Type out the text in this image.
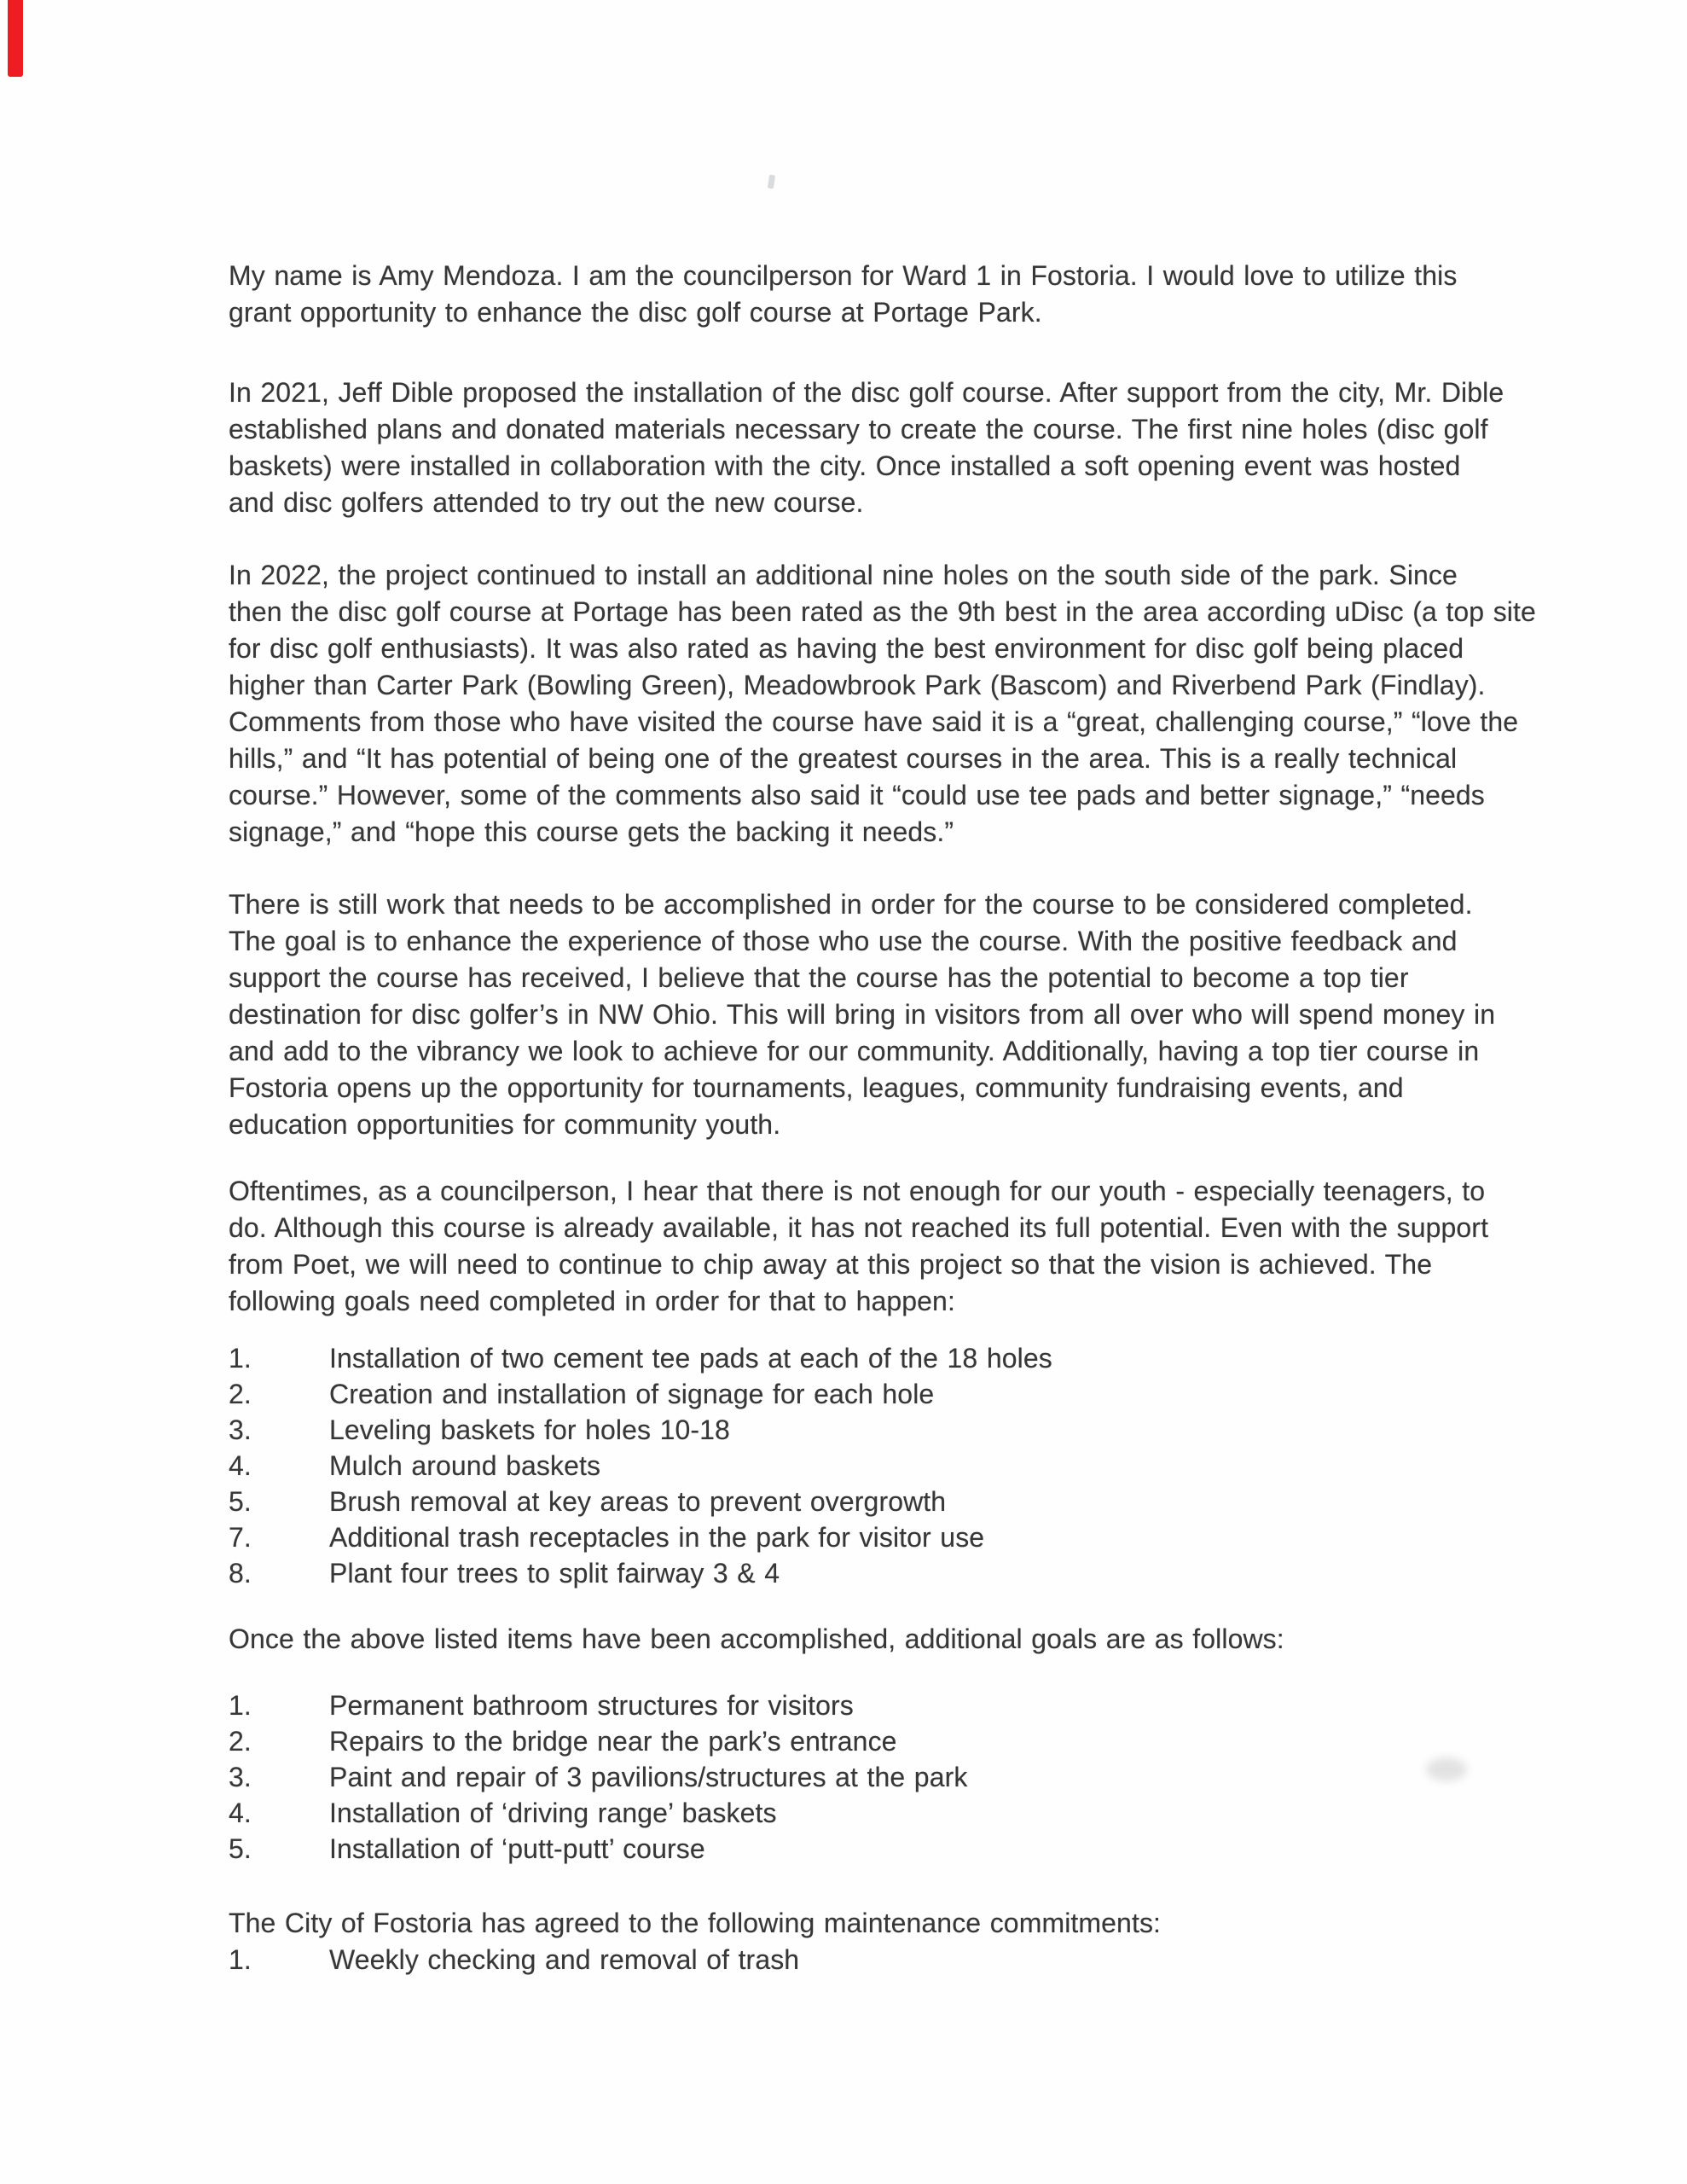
My name is Amy Mendoza. I am the councilperson for Ward 1 in Fostoria. I would love to utilize this
grant opportunity to enhance the disc golf course at Portage Park.
In 2021, Jeff Dible proposed the installation of the disc golf course. After support from the city, Mr. Dible
established plans and donated materials necessary to create the course. The first nine holes (disc golf
baskets) were installed in collaboration with the city. Once installed a soft opening event was hosted
and disc golfers attended to try out the new course.
In 2022, the project continued to install an additional nine holes on the south side of the park. Since
then the disc golf course at Portage has been rated as the 9th best in the area according uDisc (a top site
for disc golf enthusiasts). It was also rated as having the best environment for disc golf being placed
higher than Carter Park (Bowling Green), Meadowbrook Park (Bascom) and Riverbend Park (Findlay).
Comments from those who have visited the course have said it is a “great, challenging course,” “love the
hills,” and “It has potential of being one of the greatest courses in the area. This is a really technical
course.” However, some of the comments also said it “could use tee pads and better signage,” “needs
signage,” and “hope this course gets the backing it needs.”
There is still work that needs to be accomplished in order for the course to be considered completed.
The goal is to enhance the experience of those who use the course. With the positive feedback and
support the course has received, I believe that the course has the potential to become a top tier
destination for disc golfer’s in NW Ohio. This will bring in visitors from all over who will spend money in
and add to the vibrancy we look to achieve for our community. Additionally, having a top tier course in
Fostoria opens up the opportunity for tournaments, leagues, community fundraising events, and
education opportunities for community youth.
Oftentimes, as a councilperson, I hear that there is not enough for our youth - especially teenagers, to
do. Although this course is already available, it has not reached its full potential. Even with the support
from Poet, we will need to continue to chip away at this project so that the vision is achieved. The
following goals need completed in order for that to happen:
1.	Installation of two cement tee pads at each of the 18 holes
2.	Creation and installation of signage for each hole
3.	Leveling baskets for holes 10-18
4.	Mulch around baskets
5.	Brush removal at key areas to prevent overgrowth
7.	Additional trash receptacles in the park for visitor use
8.	Plant four trees to split fairway 3 & 4
Once the above listed items have been accomplished, additional goals are as follows:
1.	Permanent bathroom structures for visitors
2.	Repairs to the bridge near the park’s entrance
3.	Paint and repair of 3 pavilions/structures at the park
4.	Installation of ‘driving range’ baskets
5.	Installation of ‘putt-putt’ course
The City of Fostoria has agreed to the following maintenance commitments:
1.	Weekly checking and removal of trash
